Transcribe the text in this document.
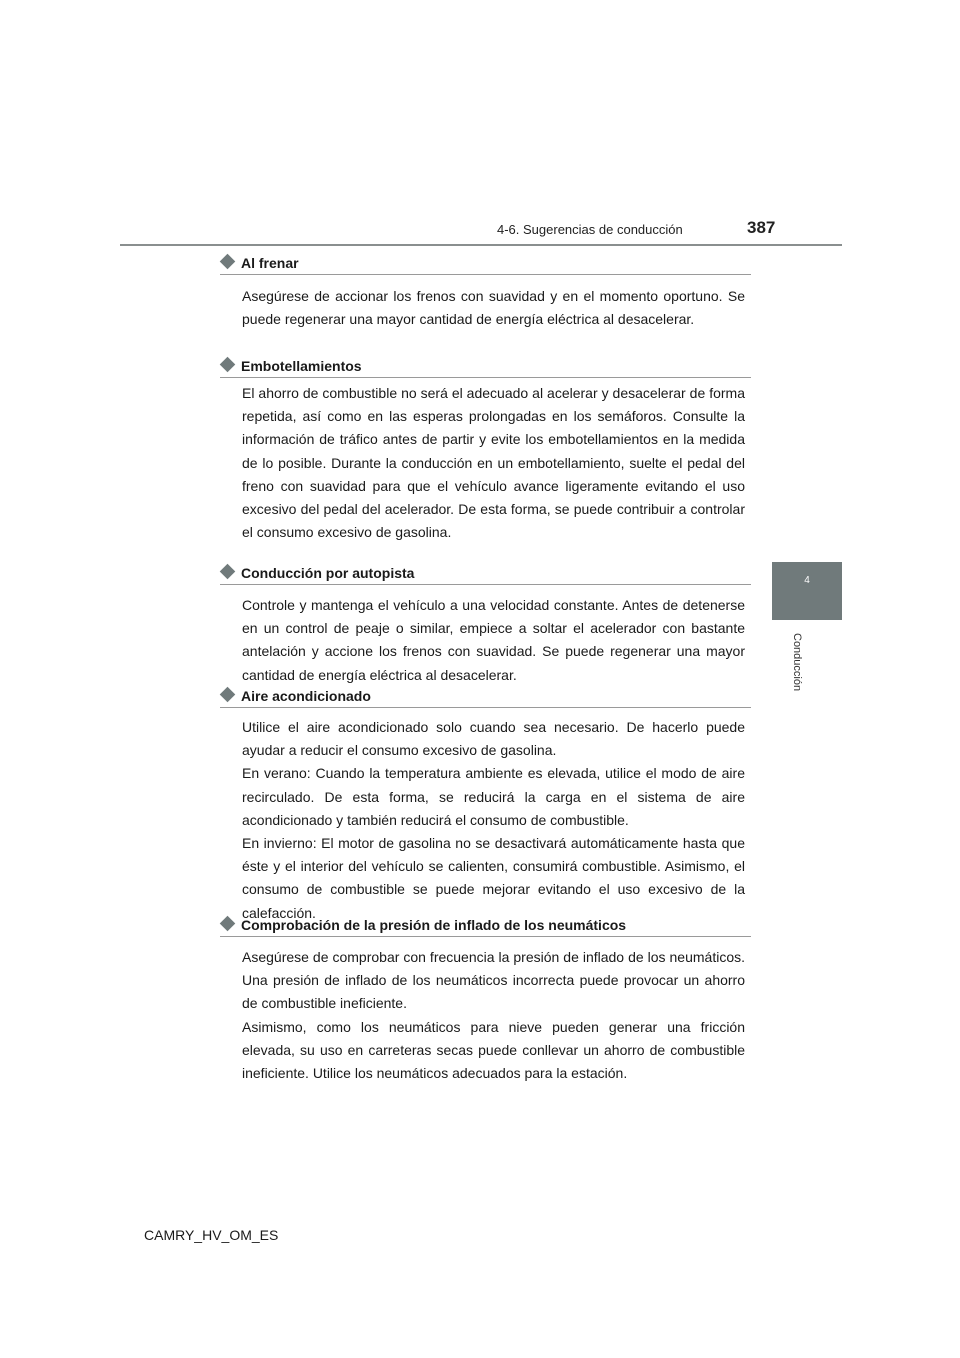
4-6. Sugerencias de conducción	387
4
Conducción
Al frenar

Asegúrese de accionar los frenos con suavidad y en el momento oportuno. Se puede regenerar una mayor cantidad de energía eléctrica al desacelerar.

Embotellamientos

El ahorro de combustible no será el adecuado al acelerar y desacelerar de forma repetida, así como en las esperas prolongadas en los semáforos. Consulte la información de tráfico antes de partir y evite los embotellamientos en la medida de lo posible. Durante la conducción en un embotellamiento, suelte el pedal del freno con suavidad para que el vehículo avance ligeramente evitando el uso excesivo del pedal del acelerador. De esta forma, se puede contribuir a controlar el consumo excesivo de gasolina.

Conducción por autopista

Controle y mantenga el vehículo a una velocidad constante. Antes de detenerse en un control de peaje o similar, empiece a soltar el acelerador con bastante antelación y accione los frenos con suavidad. Se puede regenerar una mayor cantidad de energía eléctrica al desacelerar.

Aire acondicionado

Utilice el aire acondicionado solo cuando sea necesario. De hacerlo puede ayudar a reducir el consumo excesivo de gasolina.

En verano: Cuando la temperatura ambiente es elevada, utilice el modo de aire recirculado. De esta forma, se reducirá la carga en el sistema de aire acondicionado y también reducirá el consumo de combustible.

En invierno: El motor de gasolina no se desactivará automáticamente hasta que éste y el interior del vehículo se calienten, consumirá combustible. Asimismo, el consumo de combustible se puede mejorar evitando el uso excesivo de la calefacción.

Comprobación de la presión de inflado de los neumáticos

Asegúrese de comprobar con frecuencia la presión de inflado de los neumáticos. Una presión de inflado de los neumáticos incorrecta puede provocar un ahorro de combustible ineficiente.

Asimismo, como los neumáticos para nieve pueden generar una fricción elevada, su uso en carreteras secas puede conllevar un ahorro de combustible ineficiente. Utilice los neumáticos adecuados para la estación.

CAMRY_HV_OM_ES
